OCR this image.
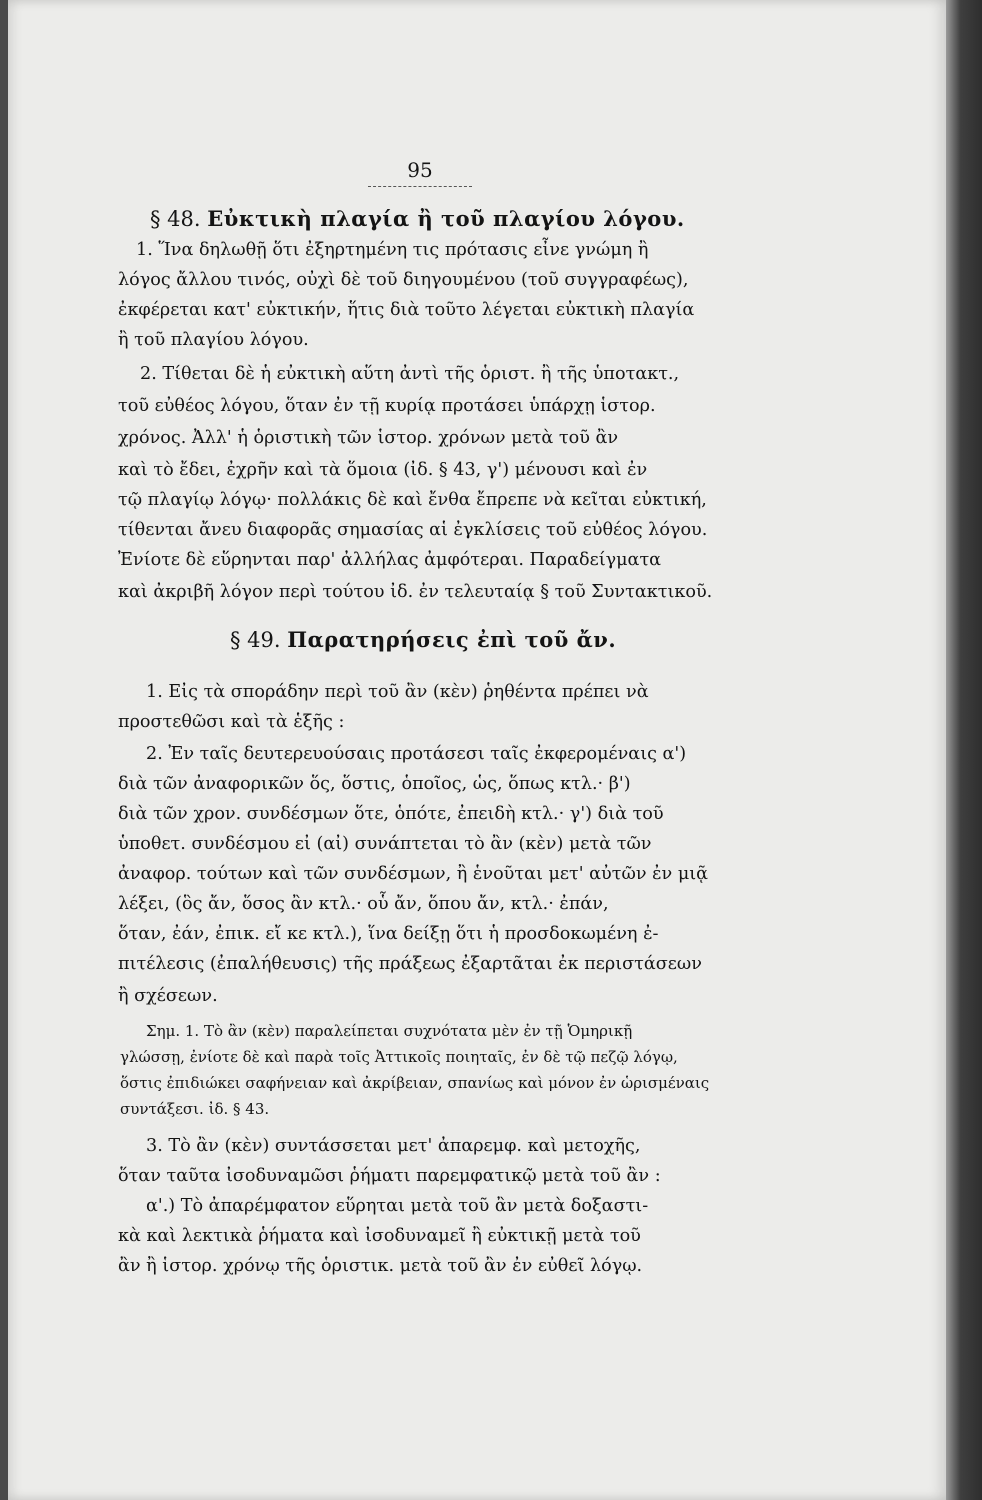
95
§ 48. Εὐκτικὴ πλαγία ἢ τοῦ πλαγίου λόγου.
1. Ἵνα δηλωθῇ ὅτι ἐξηρτημένη τις πρότασις εἶνε γνώμη ἢ
λόγος ἄλλου τινός, οὐχὶ δὲ τοῦ διηγουμένου (τοῦ συγγραφέως),
ἐκφέρεται κατ' εὐκτικήν, ἥτις διὰ τοῦτο λέγεται εὐκτικὴ πλαγία
ἢ τοῦ πλαγίου λόγου.
2. Τίθεται δὲ ἡ εὐκτικὴ αὕτη ἀντὶ τῆς ὁριστ. ἢ τῆς ὑποτακτ.,
τοῦ εὐθέος λόγου, ὅταν ἐν τῇ κυρίᾳ προτάσει ὑπάρχῃ ἱστορ.
χρόνος. Ἀλλ' ἡ ὁριστικὴ τῶν ἱστορ. χρόνων μετὰ τοῦ ἂν
καὶ τὸ ἔδει, ἐχρῆν καὶ τὰ ὅμοια (ἰδ. § 43, γ') μένουσι καὶ ἐν
τῷ πλαγίῳ λόγῳ· πολλάκις δὲ καὶ ἔνθα ἔπρεπε νὰ κεῖται εὐκτική,
τίθενται ἄνευ διαφορᾶς σημασίας αἱ ἐγκλίσεις τοῦ εὐθέος λόγου.
Ἐνίοτε δὲ εὕρηνται παρ' ἀλλήλας ἀμφότεραι. Παραδείγματα
καὶ ἀκριβῆ λόγον περὶ τούτου ἰδ. ἐν τελευταίᾳ § τοῦ Συντακτικοῦ.
§ 49. Παρατηρήσεις ἐπὶ τοῦ ἄν.
1. Εἰς τὰ σποράδην περὶ τοῦ ἂν (κὲν) ῥηθέντα πρέπει νὰ
προστεθῶσι καὶ τὰ ἑξῆς :
2. Ἐν ταῖς δευτερευούσαις προτάσεσι ταῖς ἐκφερομέναις α')
διὰ τῶν ἀναφορικῶν ὅς, ὅστις, ὁποῖος, ὡς, ὅπως κτλ.· β')
διὰ τῶν χρον. συνδέσμων ὅτε, ὁπότε, ἐπειδὴ κτλ.· γ') διὰ τοῦ
ὑποθετ. συνδέσμου εἰ (αἰ) συνάπτεται τὸ ἂν (κὲν) μετὰ τῶν
ἀναφορ. τούτων καὶ τῶν συνδέσμων, ἢ ἑνοῦται μετ' αὐτῶν ἐν μιᾷ
λέξει, (ὃς ἄν, ὅσος ἂν κτλ.· οὗ ἄν, ὅπου ἄν, κτλ.· ἐπάν,
ὅταν, ἐάν, ἐπικ. εἴ κε κτλ.), ἵνα δείξῃ ὅτι ἡ προσδοκωμένη ἐ-
πιτέλεσις (ἐπαλήθευσις) τῆς πράξεως ἐξαρτᾶται ἐκ περιστάσεων
ἢ σχέσεων.
Σημ. 1. Τὸ ἂν (κὲν) παραλείπεται συχνότατα μὲν ἐν τῇ Ὁμηρικῇ
γλώσσῃ, ἐνίοτε δὲ καὶ παρὰ τοῖς Ἀττικοῖς ποιηταῖς, ἐν δὲ τῷ πεζῷ λόγῳ,
ὅστις ἐπιδιώκει σαφήνειαν καὶ ἀκρίβειαν, σπανίως καὶ μόνον ἐν ὡρισμέναις
συντάξεσι. ἰδ. § 43.
3. Τὸ ἂν (κὲν) συντάσσεται μετ' ἀπαρεμφ. καὶ μετοχῆς,
ὅταν ταῦτα ἰσοδυναμῶσι ῥήματι παρεμφατικῷ μετὰ τοῦ ἂν :
α'.) Τὸ ἀπαρέμφατον εὕρηται μετὰ τοῦ ἂν μετὰ δοξαστι-
κὰ καὶ λεκτικὰ ῥήματα καὶ ἰσοδυναμεῖ ἢ εὐκτικῇ μετὰ τοῦ
ἂν ἢ ἱστορ. χρόνῳ τῆς ὁριστικ. μετὰ τοῦ ἂν ἐν εὐθεῖ λόγῳ.
